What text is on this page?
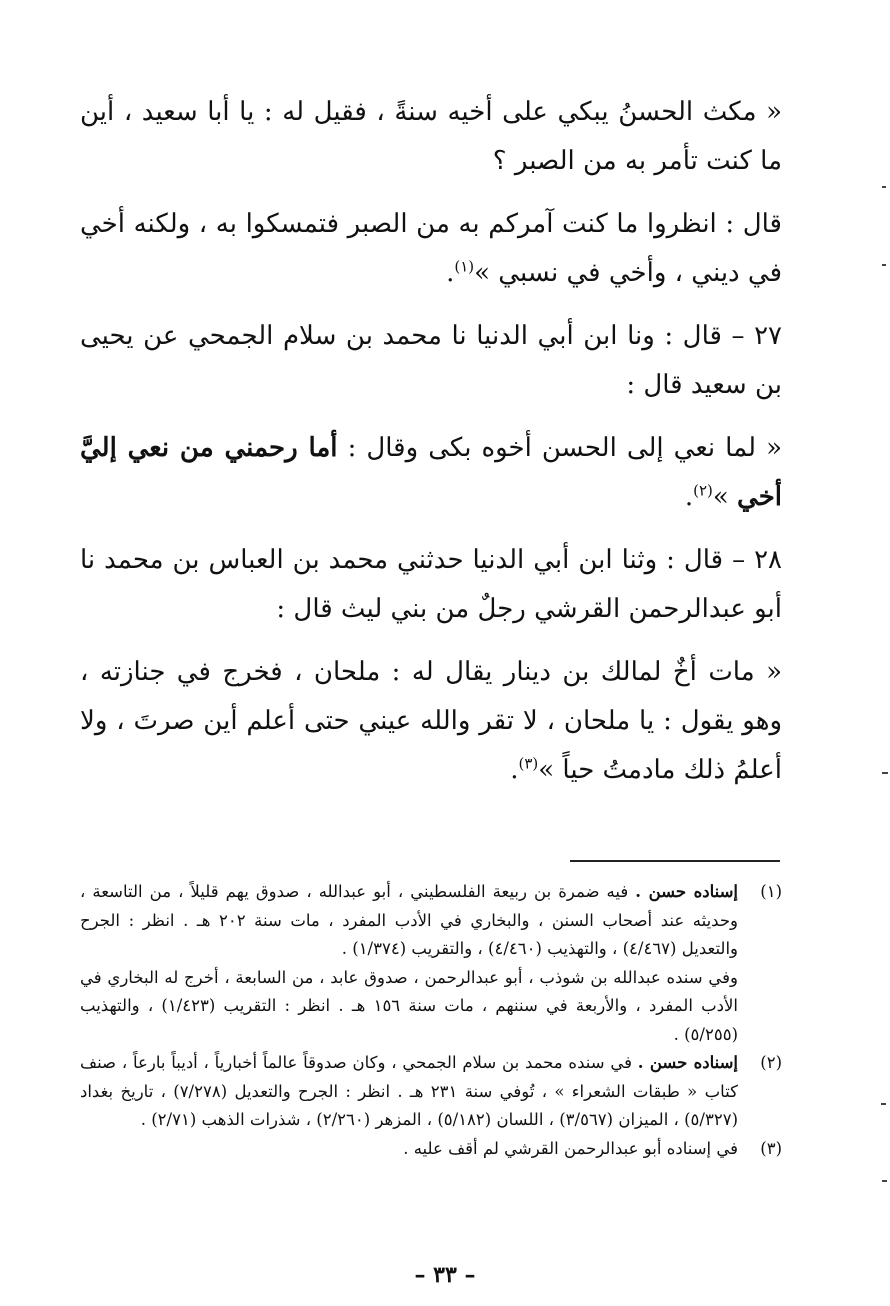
« مكث الحسنُ يبكي على أخيه سنةً ، فقيل له : يا أبا سعيد ، أين ما كنت تأمر به من الصبر ؟

قال : انظروا ما كنت آمركم به من الصبر فتمسكوا به ، ولكنه أخي في ديني ، وأخي في نسبي »$^{(١)}$.

٢٧ – قال : ونا ابن أبي الدنيا نا محمد بن سلام الجمحي عن يحيى بن سعيد قال :

« لما نعي إلى الحسن أخوه بكى وقال : أما رحمني من نعي إليَّ أخي »$^{(٢)}$.

٢٨ – قال : وثنا ابن أبي الدنيا حدثني محمد بن العباس بن محمد نا أبو عبدالرحمن القرشي رجلٌ من بني ليث قال :

« مات أخٌ لمالك بن دينار يقال له : ملحان ، فخرج في جنازته ، وهو يقول : يا ملحان ، لا تقر والله عيني حتى أعلم أين صرتَ ، ولا أعلمُ ذلك مادمتُ حياً »$^{(٣)}$.

(١)
إسناده حسن . فيه ضمرة بن ربيعة الفلسطيني ، أبو عبدالله ، صدوق يهم قليلاً ، من التاسعة ، وحديثه عند أصحاب السنن ، والبخاري في الأدب المفرد ، مات سنة ٢٠٢ هـ . انظر : الجرح والتعديل (٤/٤٦٧) ، والتهذيب (٤/٤٦٠) ، والتقريب (١/٣٧٤) .
وفي سنده عبدالله بن شوذب ، أبو عبدالرحمن ، صدوق عابد ، من السابعة ، أخرج له البخاري في الأدب المفرد ، والأربعة في سننهم ، مات سنة ١٥٦ هـ . انظر : التقريب (١/٤٢٣) ، والتهذيب (٥/٢٥٥) .
(٢)
إسناده حسن . في سنده محمد بن سلام الجمحي ، وكان صدوقاً عالماً أخبارياً ، أديباً بارعاً ، صنف كتاب « طبقات الشعراء » ، تُوفي سنة ٢٣١ هـ . انظر : الجرح والتعديل (٧/٢٧٨) ، تاريخ بغداد (٥/٣٢٧) ، الميزان (٣/٥٦٧) ، اللسان (٥/١٨٢) ، المزهر (٢/٢٦٠) ، شذرات الذهب (٢/٧١) .
(٣)
في إسناده أبو عبدالرحمن القرشي لم أقف عليه .
– ٣٣ –
